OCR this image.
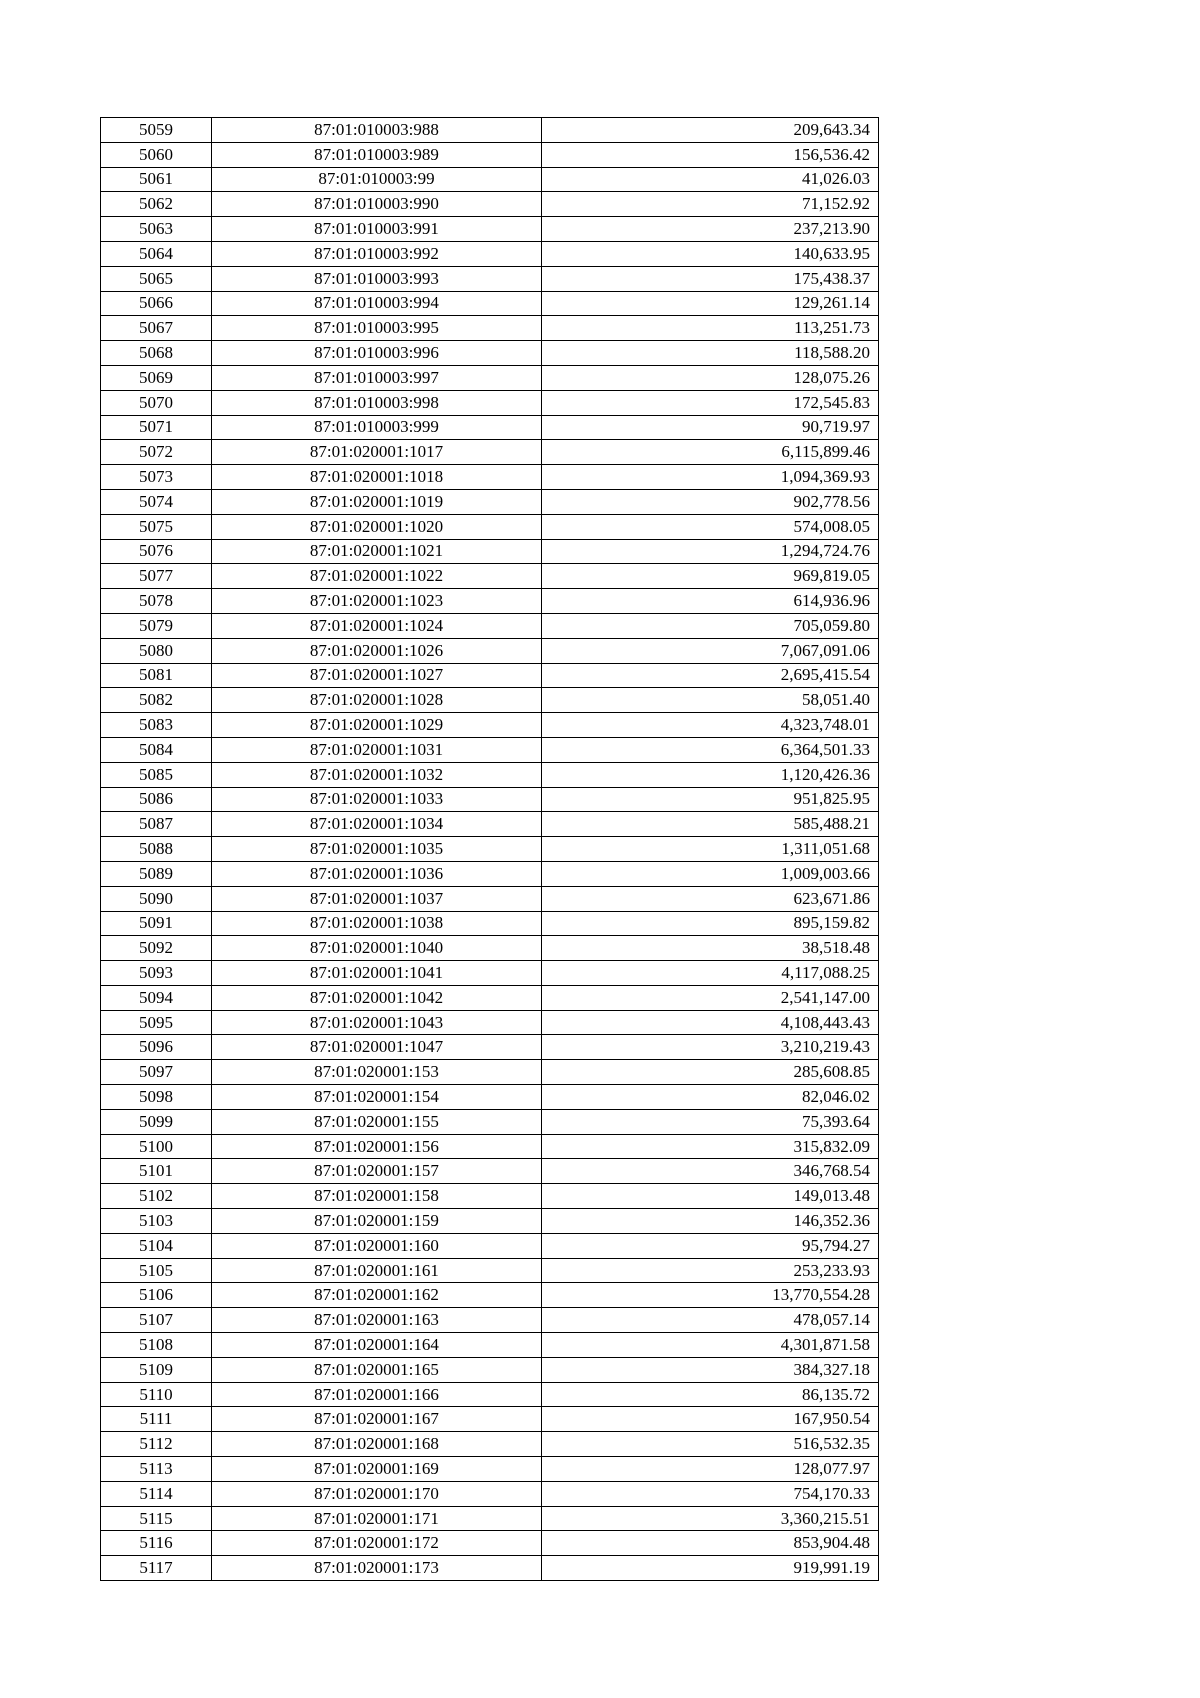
5059	87:01:010003:988	209,643.34
5060	87:01:010003:989	156,536.42
5061	87:01:010003:99	41,026.03
5062	87:01:010003:990	71,152.92
5063	87:01:010003:991	237,213.90
5064	87:01:010003:992	140,633.95
5065	87:01:010003:993	175,438.37
5066	87:01:010003:994	129,261.14
5067	87:01:010003:995	113,251.73
5068	87:01:010003:996	118,588.20
5069	87:01:010003:997	128,075.26
5070	87:01:010003:998	172,545.83
5071	87:01:010003:999	90,719.97
5072	87:01:020001:1017	6,115,899.46
5073	87:01:020001:1018	1,094,369.93
5074	87:01:020001:1019	902,778.56
5075	87:01:020001:1020	574,008.05
5076	87:01:020001:1021	1,294,724.76
5077	87:01:020001:1022	969,819.05
5078	87:01:020001:1023	614,936.96
5079	87:01:020001:1024	705,059.80
5080	87:01:020001:1026	7,067,091.06
5081	87:01:020001:1027	2,695,415.54
5082	87:01:020001:1028	58,051.40
5083	87:01:020001:1029	4,323,748.01
5084	87:01:020001:1031	6,364,501.33
5085	87:01:020001:1032	1,120,426.36
5086	87:01:020001:1033	951,825.95
5087	87:01:020001:1034	585,488.21
5088	87:01:020001:1035	1,311,051.68
5089	87:01:020001:1036	1,009,003.66
5090	87:01:020001:1037	623,671.86
5091	87:01:020001:1038	895,159.82
5092	87:01:020001:1040	38,518.48
5093	87:01:020001:1041	4,117,088.25
5094	87:01:020001:1042	2,541,147.00
5095	87:01:020001:1043	4,108,443.43
5096	87:01:020001:1047	3,210,219.43
5097	87:01:020001:153	285,608.85
5098	87:01:020001:154	82,046.02
5099	87:01:020001:155	75,393.64
5100	87:01:020001:156	315,832.09
5101	87:01:020001:157	346,768.54
5102	87:01:020001:158	149,013.48
5103	87:01:020001:159	146,352.36
5104	87:01:020001:160	95,794.27
5105	87:01:020001:161	253,233.93
5106	87:01:020001:162	13,770,554.28
5107	87:01:020001:163	478,057.14
5108	87:01:020001:164	4,301,871.58
5109	87:01:020001:165	384,327.18
5110	87:01:020001:166	86,135.72
5111	87:01:020001:167	167,950.54
5112	87:01:020001:168	516,532.35
5113	87:01:020001:169	128,077.97
5114	87:01:020001:170	754,170.33
5115	87:01:020001:171	3,360,215.51
5116	87:01:020001:172	853,904.48
5117	87:01:020001:173	919,991.19
